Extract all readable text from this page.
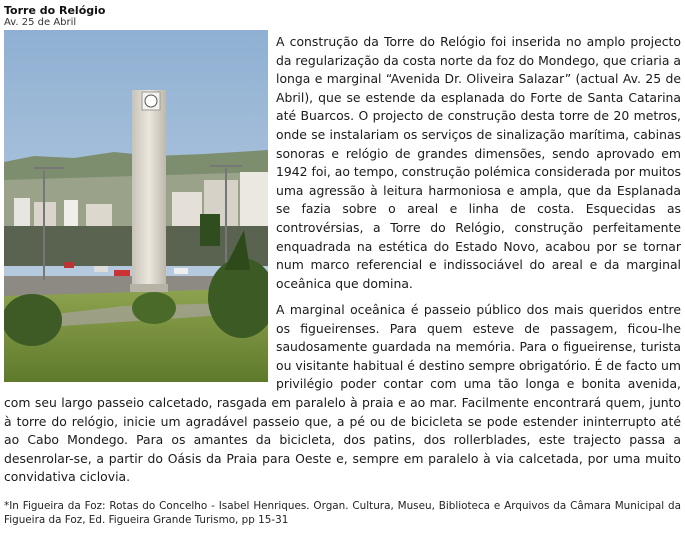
Torre do Relógio
Av. 25 de Abril

A construção da Torre do Relógio foi inserida no amplo projecto da regularização da costa norte da foz do Mondego, que criaria a longa e marginal “Avenida Dr. Oliveira Salazar” (actual Av. 25 de Abril), que se estende da esplanada do Forte de Santa Catarina até Buarcos. O projecto de construção desta torre de 20 metros, onde se instalariam os serviços de sinalização marítima, cabinas sonoras e relógio de grandes dimensões, sendo aprovado em 1942 foi, ao tempo, construção polémica considerada por muitos uma agressão à leitura harmoniosa e ampla, que da Esplanada se fazia sobre o areal e linha de costa. Esquecidas as controvérsias, a Torre do Relógio, construção perfeitamente enquadrada na estética do Estado Novo, acabou por se tornar num marco referencial e indissociável do areal e da marginal oceânica que domina.

A marginal oceânica é passeio público dos mais queridos entre os figueirenses. Para quem esteve de passagem, ficou-lhe saudosamente guardada na memória. Para o figueirense, turista ou visitante habitual é destino sempre obrigatório. É de facto um privilégio poder contar com uma tão longa e bonita avenida, com seu largo passeio calcetado, rasgada em paralelo à praia e ao mar. Facilmente encontrará quem, junto à torre do relógio, inicie um agradável passeio que, a pé ou de bicicleta se pode estender ininterrupto até ao Cabo Mondego. Para os amantes da bicicleta, dos patins, dos rollerblades, este trajecto passa a desenrolar-se, a partir do Oásis da Praia para Oeste e, sempre em paralelo à via calcetada, por uma muito convidativa ciclovia.

*In Figueira da Foz: Rotas do Concelho - Isabel Henriques. Organ. Cultura, Museu, Biblioteca e Arquivos da Câmara Municipal da Figueira da Foz, Ed. Figueira Grande Turismo, pp 15-31
